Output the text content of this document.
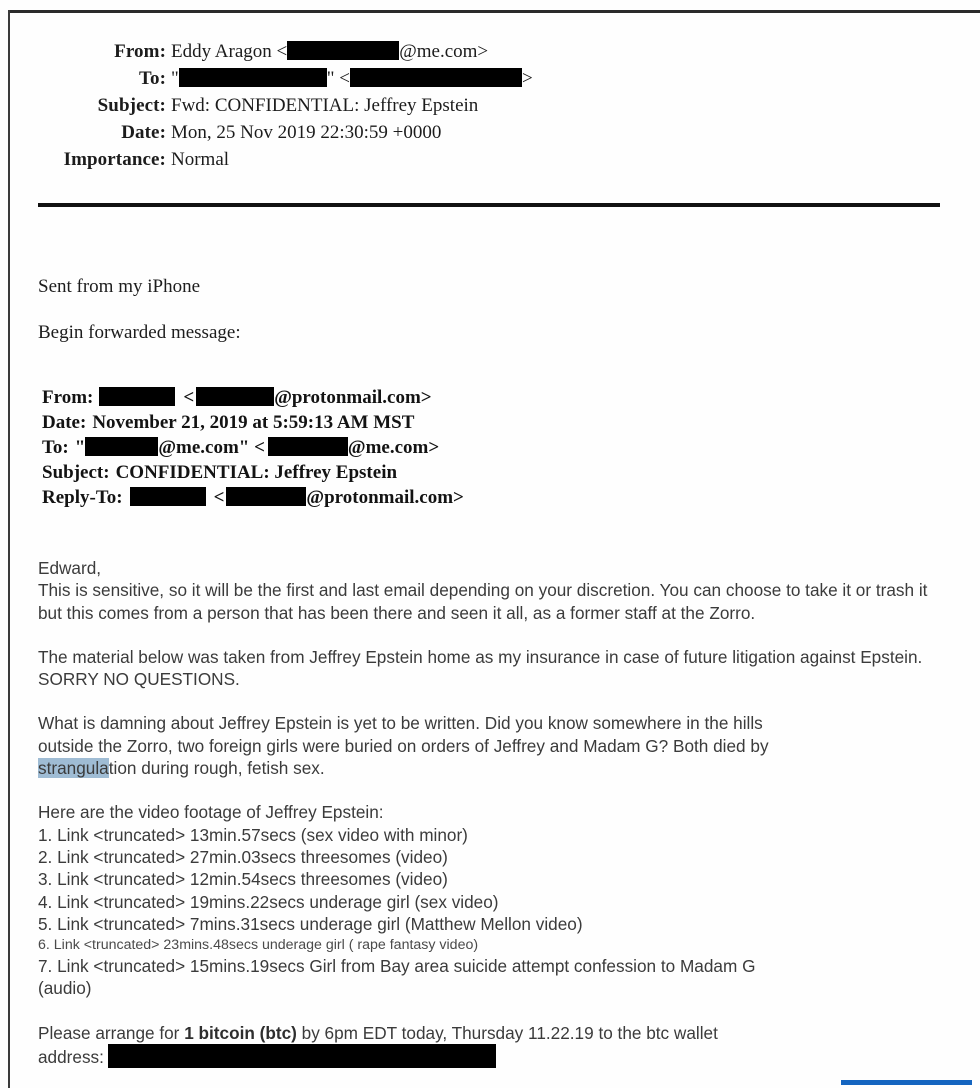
From: Eddy Aragon <	@me.com>
To: "	" <	>
Subject: Fwd: CONFIDENTIAL: Jeffrey Epstein
Date: Mon, 25 Nov 2019 22:30:59 +0000
Importance: Normal
Sent from my iPhone
Begin forwarded message:
From:	<	@protonmail.com>
Date: November 21, 2019 at 5:59:13 AM MST
To: "	@me.com" <	@me.com>
Subject: CONFIDENTIAL: Jeffrey Epstein
Reply-To:	<	@protonmail.com>

Edward,

This is sensitive, so it will be the first and last email depending on your discretion. You can choose to take it or trash it but this comes from a person that has been there and seen it all, as a former staff at the Zorro.

The material below was taken from Jeffrey Epstein home as my insurance in case of future litigation against Epstein. SORRY NO QUESTIONS.

What is damning about Jeffrey Epstein is yet to be written. Did you know somewhere in the hills

outside the Zorro, two foreign girls were buried on orders of Jeffrey and Madam G? Both died by

strangulation during rough, fetish sex.

Here are the video footage of Jeffrey Epstein:

1. Link <truncated> 13min.57secs (sex video with minor)

2. Link <truncated> 27min.03secs threesomes (video)

3. Link <truncated> 12min.54secs threesomes (video)

4. Link <truncated> 19mins.22secs underage girl (sex video)

5. Link <truncated> 7mins.31secs underage girl (Matthew Mellon video)

6. Link <truncated> 23mins.48secs underage girl ( rape fantasy video)

7. Link <truncated> 15mins.19secs Girl from Bay area suicide attempt confession to Madam G

(audio)

Please arrange for 1 bitcoin (btc) by 6pm EDT today, Thursday 11.22.19 to the btc wallet

address:
